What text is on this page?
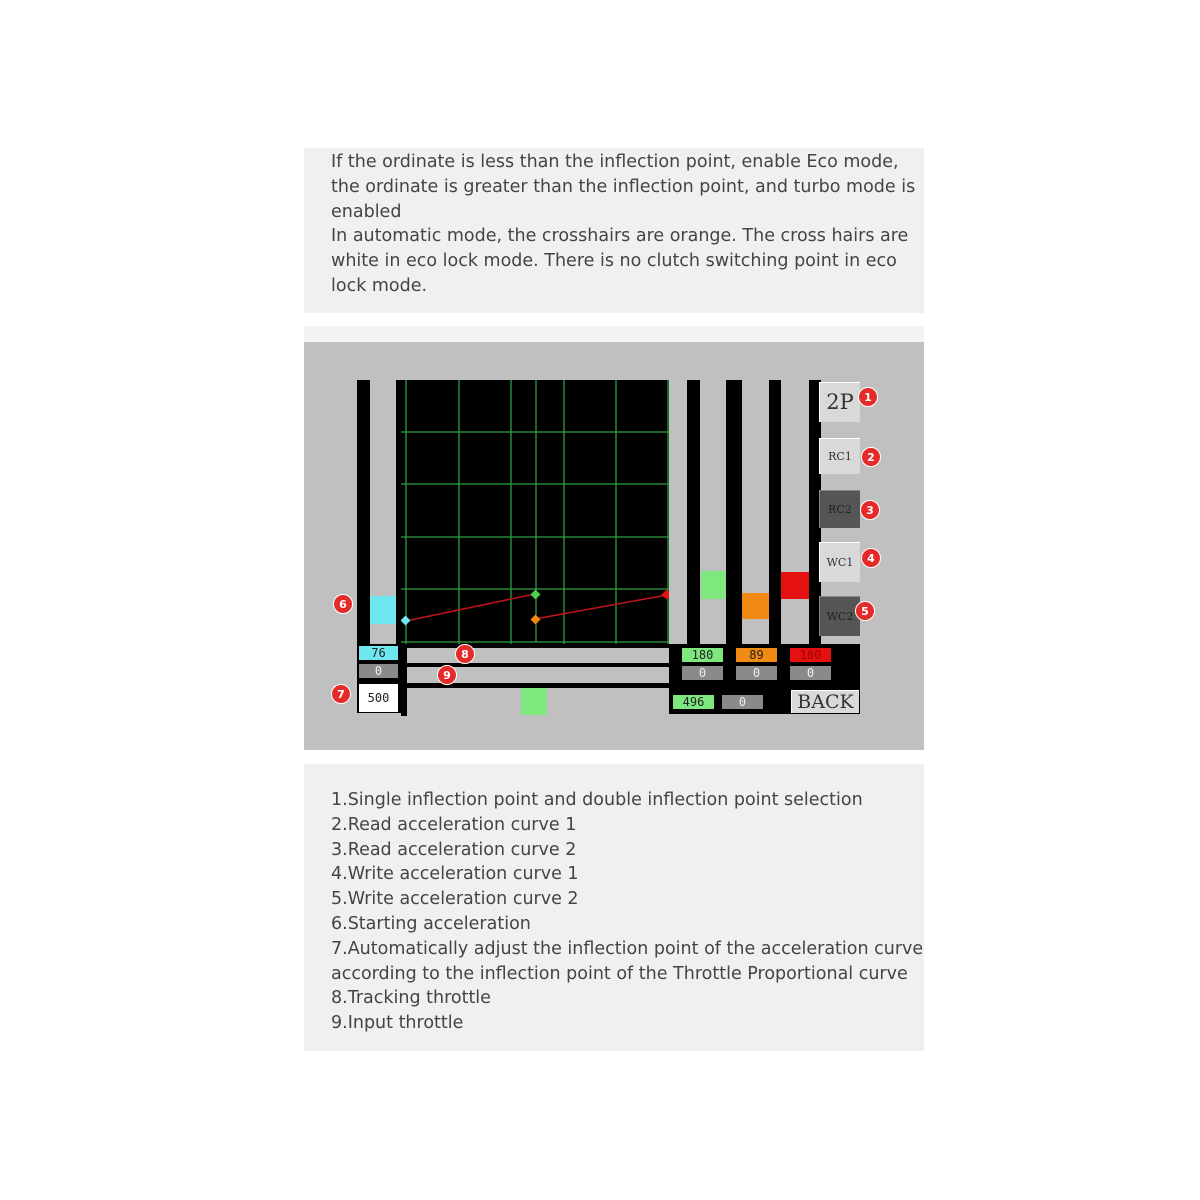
If the ordinate is less than the inflection point, enable Eco mode,

the ordinate is greater than the inflection point, and turbo mode is

enabled

In automatic mode, the crosshairs are orange. The cross hairs are

white in eco lock mode. There is no clutch switching point in eco

lock mode.

76
0
500
180
0
89
0
180
0
496	0
2P
RC1
RC2
WC1
WC2
BACK
1
2
3
4
5
6
7
8
9

1.Single inflection point and double inflection point selection

2.Read acceleration curve 1

3.Read acceleration curve 2

4.Write acceleration curve 1

5.Write acceleration curve 2

6.Starting acceleration

7.Automatically adjust the inflection point of the acceleration curve

according to the inflection point of the Throttle Proportional curve

8.Tracking throttle

9.Input throttle
